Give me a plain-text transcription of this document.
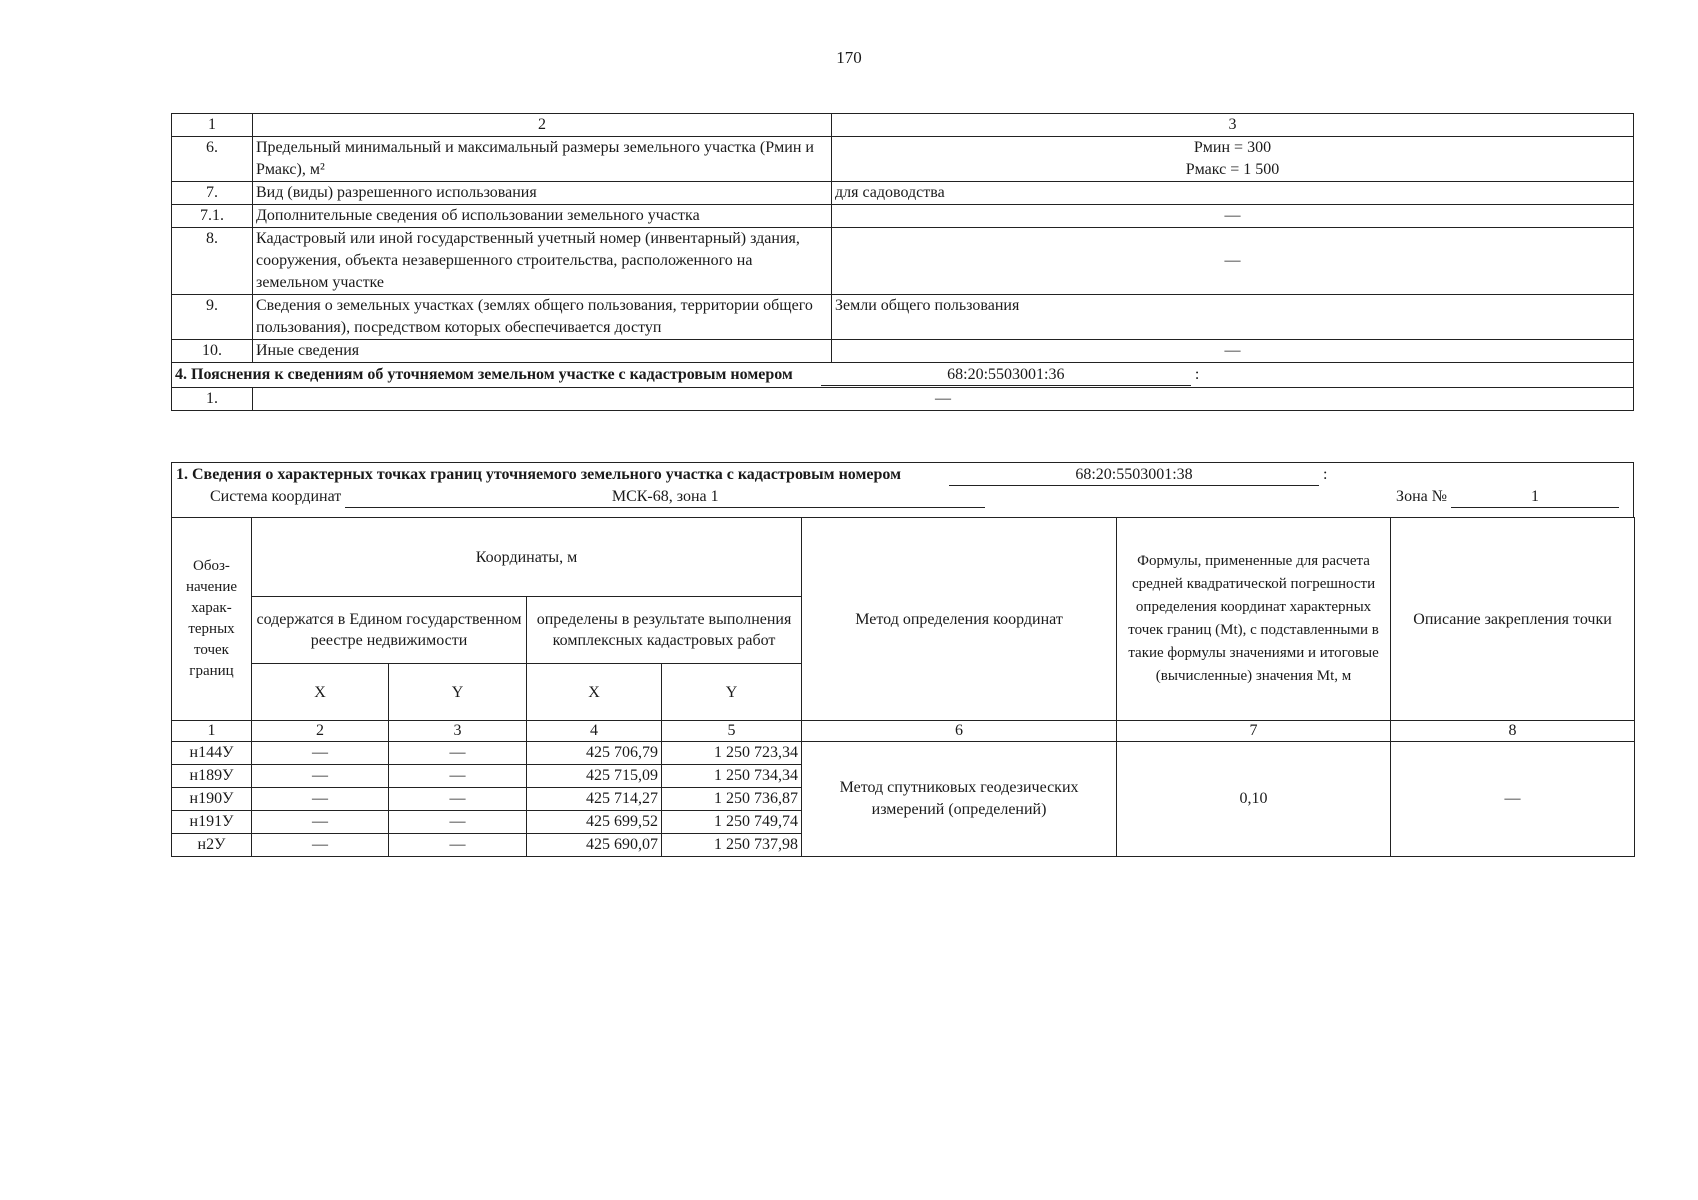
170
1	2	3
6.	Предельный минимальный и максимальный размеры земельного участка (Pмин и Pмакс), м²	Pмин = 300
Pмакс = 1 500

7.	Вид (виды) разрешенного использования	для садоводства
7.1.	Дополнительные сведения об использовании земельного участка	—
8.	Кадастровый или иной государственный учетный номер (инвентарный) здания, сооружения, объекта незавершенного строительства, расположенного на земельном участке	—
9.	Сведения о земельных участках (землях общего пользования, территории общего пользования), посредством которых обеспечивается доступ	Земли общего пользования
10.	Иные сведения	—
4. Пояснения к сведениям об уточняемом земельном участке с кадастровым номером 68:20:5503001:36 :		
1.	—	
1. Сведения о характерных точках границ уточняемого земельного участка с кадастровым номером	68:20:5503001:38	:
Система координат	МСК-68, зона 1	Зона №	1
Обоз-начение харак-терных точек границ	Координаты, м				Метод определения координат	Формулы, примененные для расчета средней квадратической погрешности определения координат характерных точек границ (Mt), с подставленными в такие формулы значениями и итоговые (вычисленные) значения Mt, м	Описание закрепления точки
	содержатся в Едином государственном реестре недвижимости		определены в результате выполнения комплексных кадастровых работ				
	X	Y	X	Y			
1	2	3	4	5	6	7	8
н144У	—	—	425 706,79	1 250 723,34	Метод спутниковых геодезических измерений (определений)	0,10	—
н189У	—	—	425 715,09	1 250 734,34			
н190У	—	—	425 714,27	1 250 736,87			
н191У	—	—	425 699,52	1 250 749,74			
н2У	—	—	425 690,07	1 250 737,98			
